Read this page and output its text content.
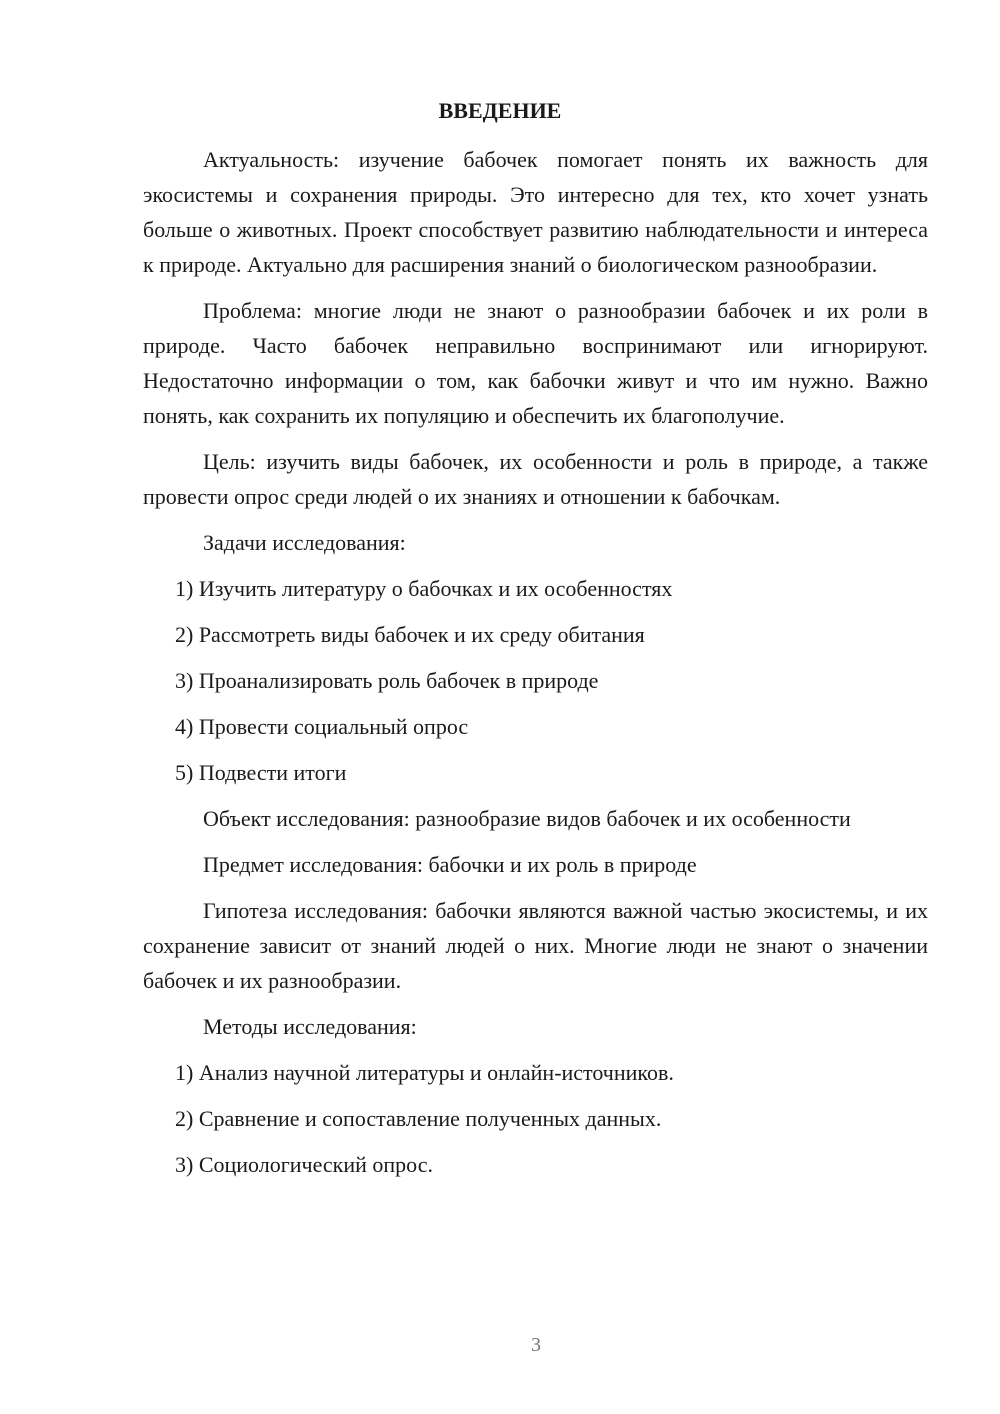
ВВЕДЕНИЕ

Актуальность: изучение бабочек помогает понять их важность для экосистемы и сохранения природы. Это интересно для тех, кто хочет узнать больше о животных. Проект способствует развитию наблюдательности и интереса к природе. Актуально для расширения знаний о биологическом разнообразии.

Проблема: многие люди не знают о разнообразии бабочек и их роли в природе. Часто бабочек неправильно воспринимают или игнорируют. Недостаточно информации о том, как бабочки живут и что им нужно. Важно понять, как сохранить их популяцию и обеспечить их благополучие.

Цель: изучить виды бабочек, их особенности и роль в природе, а также провести опрос среди людей о их знаниях и отношении к бабочкам.

Задачи исследования:

1) Изучить литературу о бабочках и их особенностях
2) Рассмотреть виды бабочек и их среду обитания
3) Проанализировать роль бабочек в природе
4) Провести социальный опрос
5) Подвести итоги

Объект исследования: разнообразие видов бабочек и их особенности

Предмет исследования: бабочки и их роль в природе

Гипотеза исследования: бабочки являются важной частью экосистемы, и их сохранение зависит от знаний людей о них. Многие люди не знают о значении бабочек и их разнообразии.

Методы исследования:

1) Анализ научной литературы и онлайн-источников.
2) Сравнение и сопоставление полученных данных.
3) Социологический опрос.
3
